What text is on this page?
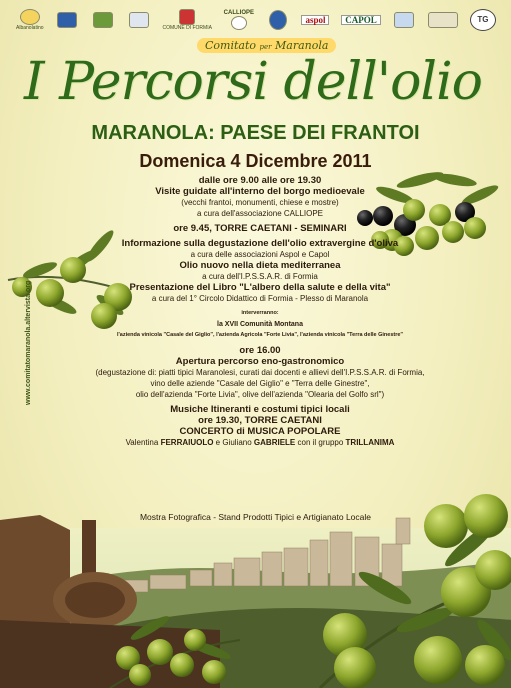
Albanolatino	COMUNE DI FORMIA
CALLIOPE
aspol	CAPOL	TG
Comitato per Maranola
I Percorsi dell'olio
MARANOLA: PAESE DEI FRANTOI
Domenica 4 Dicembre 2011
dalle ore 9.00 alle ore 19.30
Visite guidate all'interno del borgo medioevale
(vecchi frantoi, monumenti, chiese e mostre)
a cura dell'associazione CALLIOPE
ore 9.45, TORRE CAETANI - SEMINARI
Informazione sulla degustazione dell'olio extravergine d'oliva
a cura delle associazioni Aspol e Capol
Olio nuovo nella dieta mediterranea
a cura dell'I.P.S.S.A.R. di Formia
Presentazione del Libro "L'albero della salute e della vita"
a cura del 1° Circolo Didattico di Formia - Plesso di Maranola
interverranno:
la XVII Comunità Montana
l'azienda vinicola "Casale del Giglio", l'azienda Agricola "Forte Livia", l'azienda vinicola "Terra delle Ginestre"
ore 16.00
Apertura percorso eno-gastronomico
(degustazione di: piatti tipici Maranolesi, curati dai docenti e allievi dell'I.P.S.S.A.R. di Formia,
vino delle aziende "Casale del Giglio" e "Terra delle Ginestre",
olio dell'azienda "Forte Livia", olive dell'azienda "Olearia del Golfo srl")
Musiche Itineranti e costumi tipici locali
ore 19.30, TORRE CAETANI
CONCERTO di MUSICA POPOLARE
Valentina FERRAIUOLO e Giuliano GABRIELE con il gruppo TRILLANIMA
Mostra Fotografica - Stand Prodotti Tipici e Artigianato Locale
www.comitatomaranola.altervista.org
